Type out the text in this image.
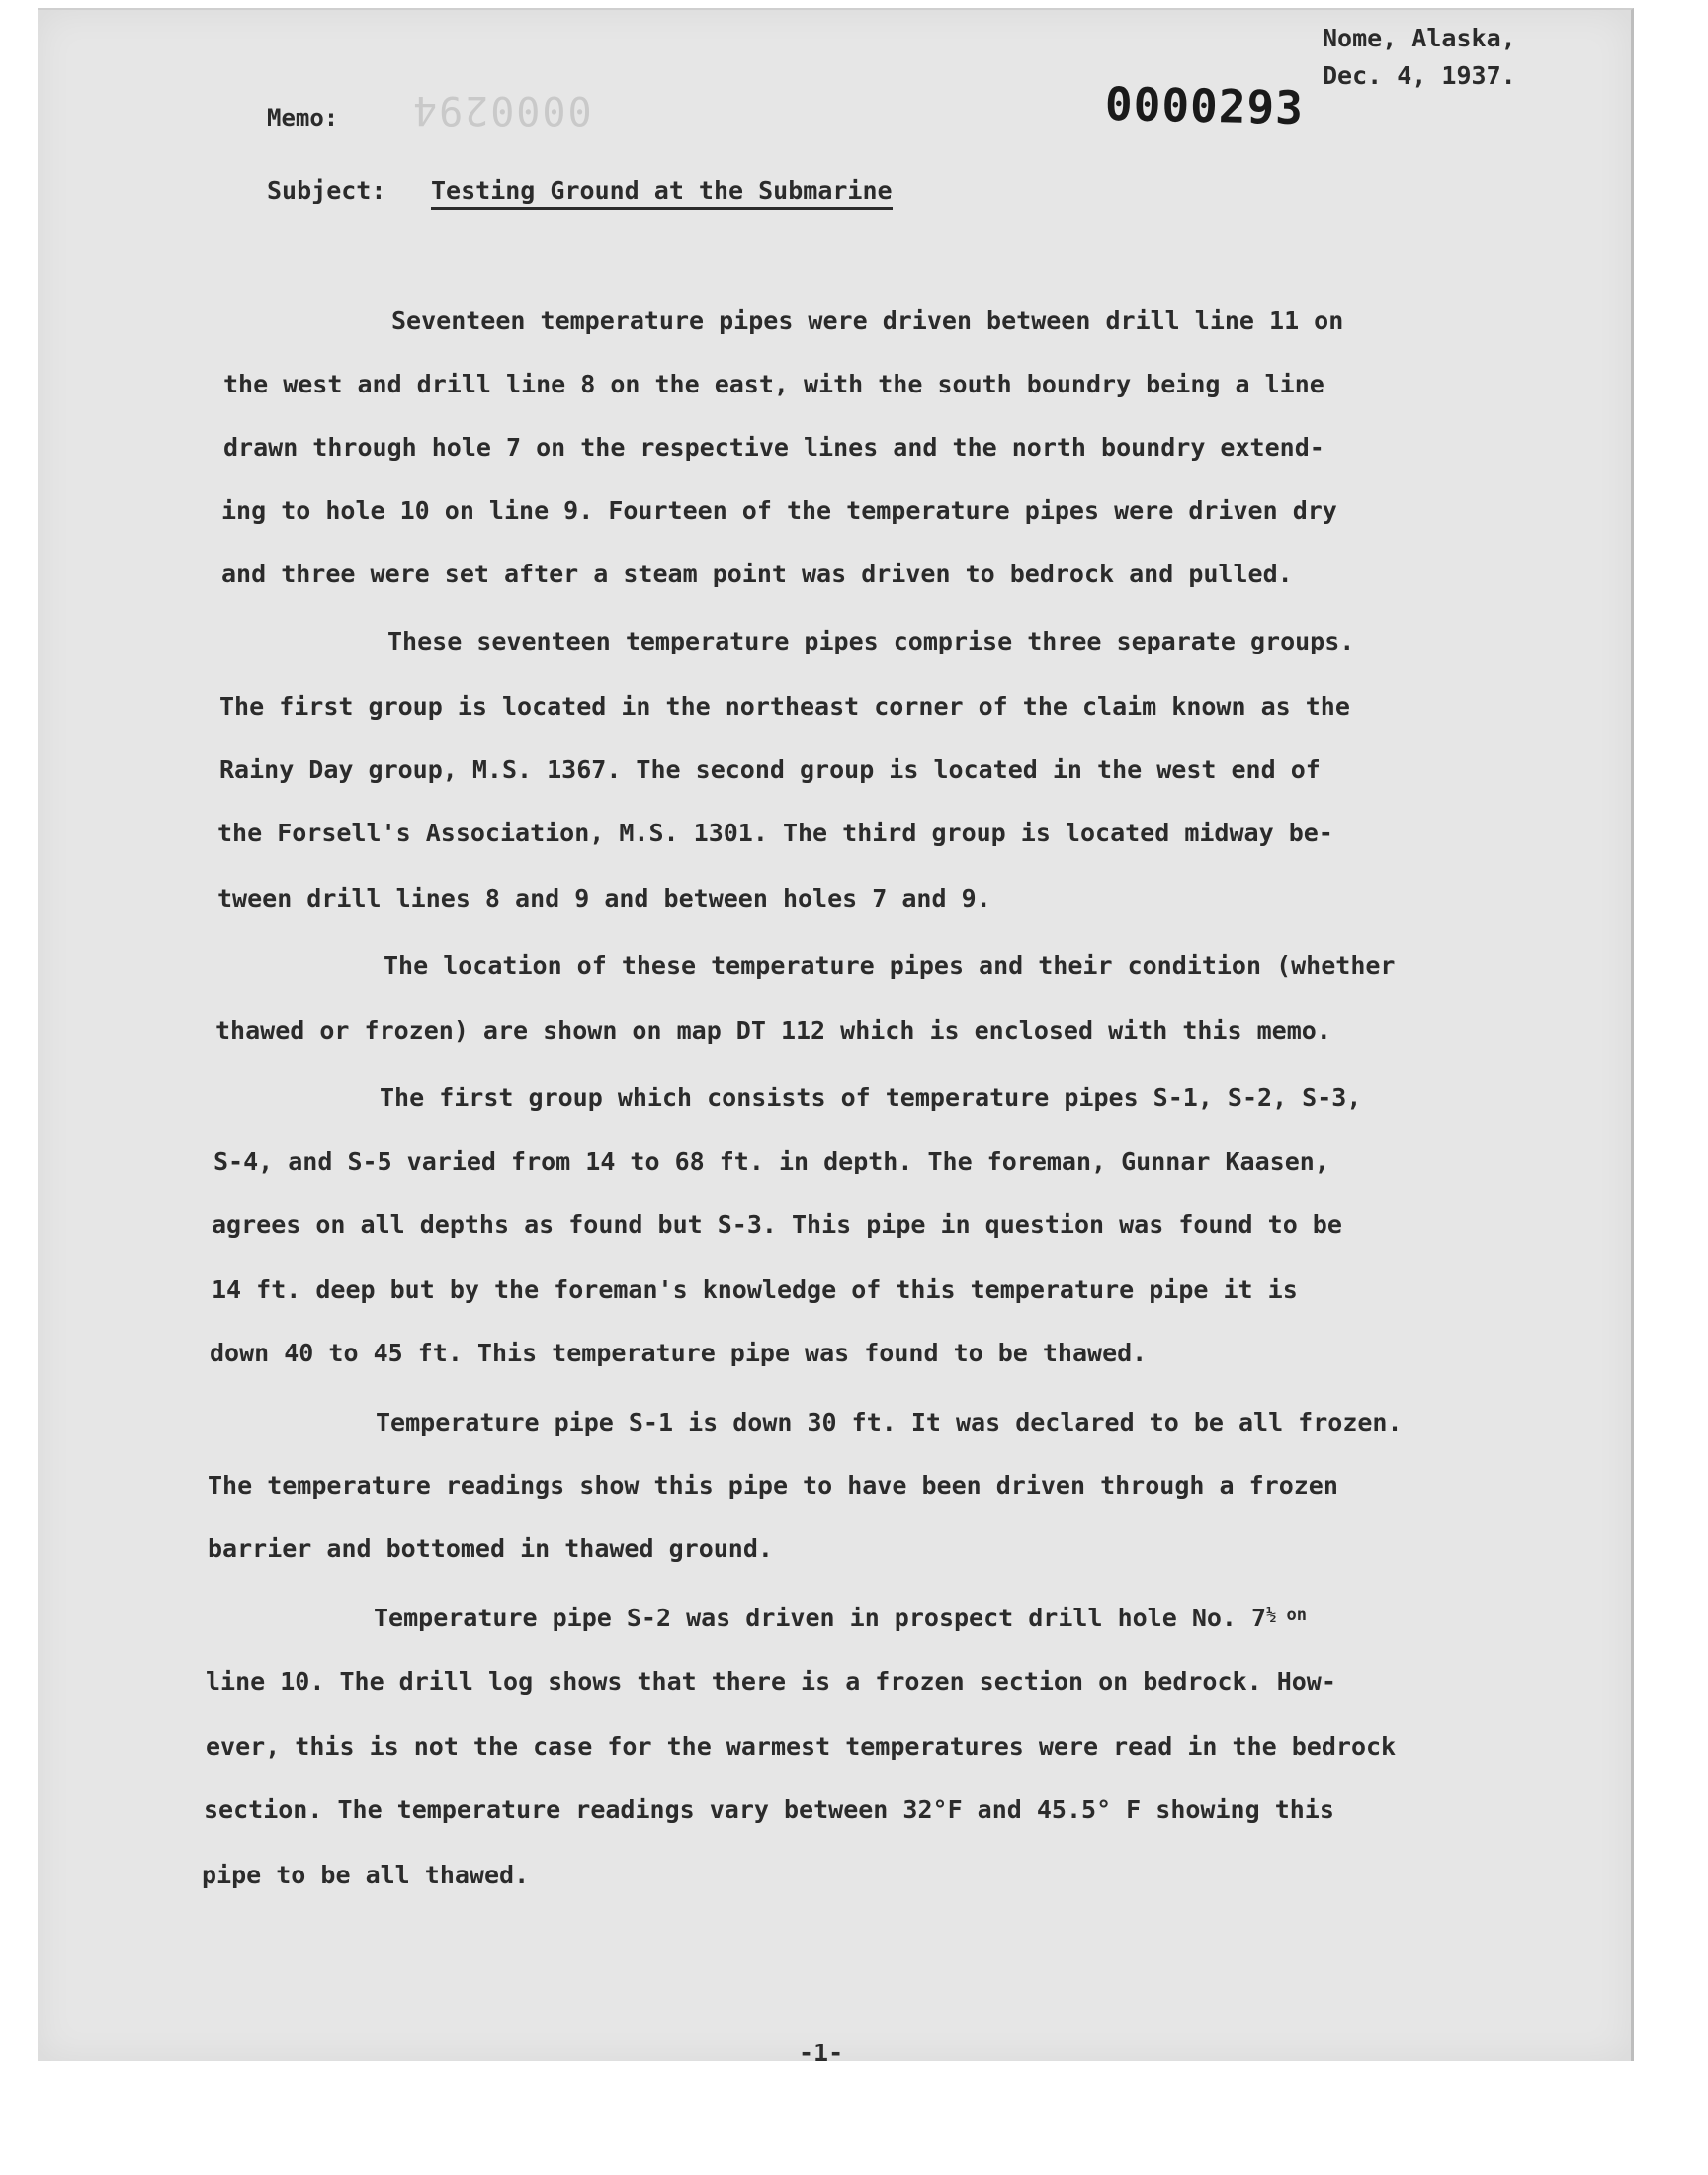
Nome, Alaska,
Dec. 4, 1937.
Memo: 0000294	0000293
Subject: Testing Ground at the Submarine
Seventeen temperature pipes were driven between drill line 11 on
the west and drill line 8 on the east, with the south boundry being a line
drawn through hole 7 on the respective lines and the north boundry extend-
ing to hole 10 on line 9. Fourteen of the temperature pipes were driven dry
and three were set after a steam point was driven to bedrock and pulled.
These seventeen temperature pipes comprise three separate groups.
The first group is located in the northeast corner of the claim known as the
Rainy Day group, M.S. 1367. The second group is located in the west end of
the Forsell's Association, M.S. 1301. The third group is located midway be-
tween drill lines 8 and 9 and between holes 7 and 9.
The location of these temperature pipes and their condition (whether
thawed or frozen) are shown on map DT 112 which is enclosed with this memo.
The first group which consists of temperature pipes S-1, S-2, S-3,
S-4, and S-5 varied from 14 to 68 ft. in depth. The foreman, Gunnar Kaasen,
agrees on all depths as found but S-3. This pipe in question was found to be
14 ft. deep but by the foreman's knowledge of this temperature pipe it is
down 40 to 45 ft. This temperature pipe was found to be thawed.
Temperature pipe S-1 is down 30 ft. It was declared to be all frozen.
The temperature readings show this pipe to have been driven through a frozen
barrier and bottomed in thawed ground.
Temperature pipe S-2 was driven in prospect drill hole No. $7^{\frac{1}{2} on}$
line 10. The drill log shows that there is a frozen section on bedrock. How-
ever, this is not the case for the warmest temperatures were read in the bedrock
section. The temperature readings vary between 32°F and 45.5° F showing this
pipe to be all thawed.
-1-
